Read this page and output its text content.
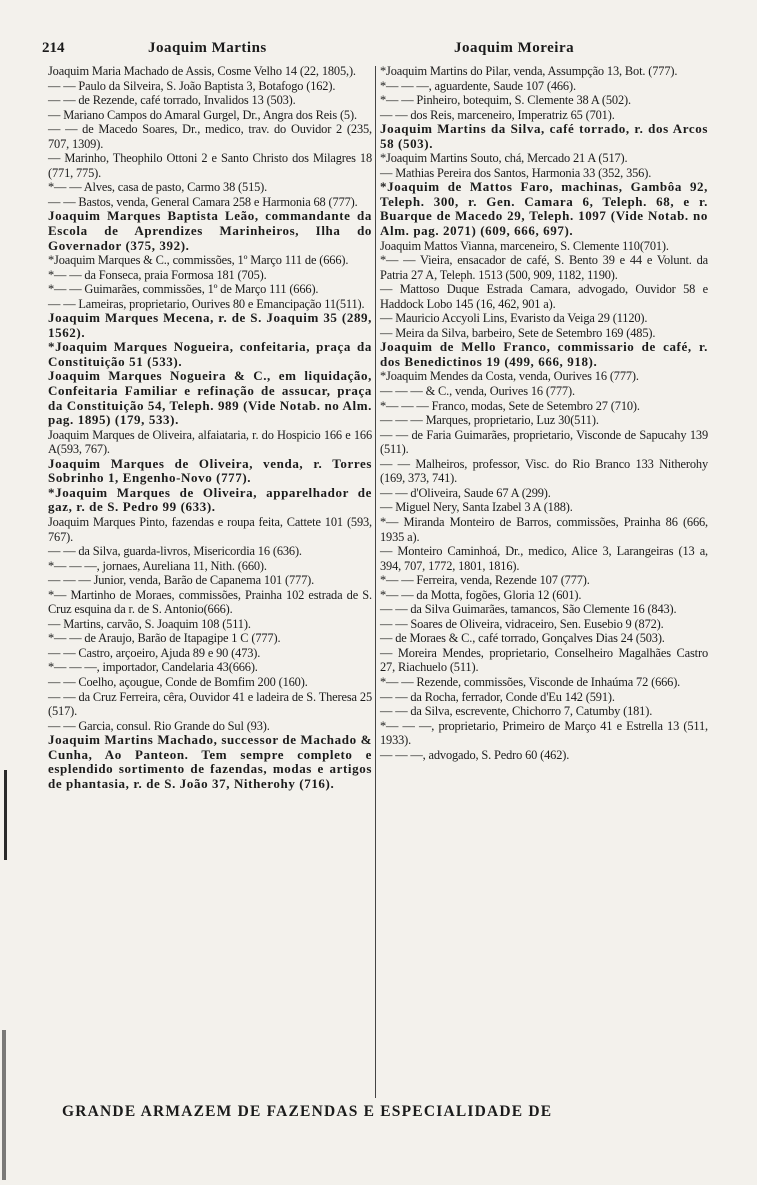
214	Joaquim Martins	Joaquim Moreira

Joaquim Maria Machado de Assis, Cosme Velho 14 (22, 1805,).

— — Paulo da Silveira, S. João Baptista 3, Botafogo (162).

— — de Rezende, café torrado, Invalidos 13 (503).

— Mariano Campos do Amaral Gurgel, Dr., Angra dos Reis (5).

— — de Macedo Soares, Dr., medico, trav. do Ouvidor 2 (235, 707, 1309).

— Marinho, Theophilo Ottoni 2 e Santo Christo dos Milagres 18 (771, 775).

*— — Alves, casa de pasto, Carmo 38 (515).

— — Bastos, venda, General Camara 258 e Harmonia 68 (777).

Joaquim Marques Baptista Leão, commandante da Escola de Aprendizes Marinheiros, Ilha do Governador (375, 392).

*Joaquim Marques & C., commissões, 1º Março 111 de (666).

*— — da Fonseca, praia Formosa 181 (705).

*— — Guimarães, commissões, 1º de Março 111 (666).

— — Lameiras, proprietario, Ourives 80 e Emancipação 11(511).

Joaquim Marques Mecena, r. de S. Joaquim 35 (289, 1562).

*Joaquim Marques Nogueira, confeitaria, praça da Constituição 51 (533).

Joaquim Marques Nogueira & C., em liquidação, Confeitaria Familiar e refinação de assucar, praça da Constituição 54, Teleph. 989 (Vide Notab. no Alm. pag. 1895) (179, 533).

Joaquim Marques de Oliveira, alfaiataria, r. do Hospicio 166 e 166 A(593, 767).

Joaquim Marques de Oliveira, venda, r. Torres Sobrinho 1, Engenho-Novo (777).

*Joaquim Marques de Oliveira, apparelhador de gaz, r. de S. Pedro 99 (633).

Joaquim Marques Pinto, fazendas e roupa feita, Cattete 101 (593, 767).

— — da Silva, guarda-livros, Misericordia 16 (636).

*— — —, jornaes, Aureliana 11, Nith. (660).

— — — Junior, venda, Barão de Capanema 101 (777).

*— Martinho de Moraes, commissões, Prainha 102 estrada de S. Cruz esquina da r. de S. Antonio(666).

— Martins, carvão, S. Joaquim 108 (511).

*— — de Araujo, Barão de Itapagipe 1 C (777).

— — Castro, arçoeiro, Ajuda 89 e 90 (473).

*— — —, importador, Candelaria 43(666).

— — Coelho, açougue, Conde de Bomfim 200 (160).

— — da Cruz Ferreira, cêra, Ouvidor 41 e ladeira de S. Theresa 25 (517).

— — Garcia, consul. Rio Grande do Sul (93).

Joaquim Martins Machado, successor de Machado & Cunha, Ao Panteon. Tem sempre completo e esplendido sortimento de fazendas, modas e artigos de phantasia, r. de S. João 37, Nitherohy (716).

*Joaquim Martins do Pilar, venda, Assumpção 13, Bot. (777).

*— — —, aguardente, Saude 107 (466).

*— — Pinheiro, botequim, S. Clemente 38 A (502).

— — dos Reis, marceneiro, Imperatriz 65 (701).

Joaquim Martins da Silva, café torrado, r. dos Arcos 58 (503).

*Joaquim Martins Souto, chá, Mercado 21 A (517).

— Mathias Pereira dos Santos, Harmonia 33 (352, 356).

*Joaquim de Mattos Faro, machinas, Gambôa 92, Teleph. 300, r. Gen. Camara 6, Teleph. 68, e r. Buarque de Macedo 29, Teleph. 1097 (Vide Notab. no Alm. pag. 2071) (609, 666, 697).

Joaquim Mattos Vianna, marceneiro, S. Clemente 110(701).

*— — Vieira, ensacador de café, S. Bento 39 e 44 e Volunt. da Patria 27 A, Teleph. 1513 (500, 909, 1182, 1190).

— Mattoso Duque Estrada Camara, advogado, Ouvidor 58 e Haddock Lobo 145 (16, 462, 901 a).

— Mauricio Accyoli Lins, Evaristo da Veiga 29 (1120).

— Meira da Silva, barbeiro, Sete de Setembro 169 (485).

Joaquim de Mello Franco, commissario de café, r. dos Benedictinos 19 (499, 666, 918).

*Joaquim Mendes da Costa, venda, Ourives 16 (777).

— — — & C., venda, Ourives 16 (777).

*— — — Franco, modas, Sete de Setembro 27 (710).

— — — Marques, proprietario, Luz 30(511).

— — de Faria Guimarães, proprietario, Visconde de Sapucahy 139 (511).

— — Malheiros, professor, Visc. do Rio Branco 133 Nitherohy (169, 373, 741).

— — d'Oliveira, Saude 67 A (299).

— Miguel Nery, Santa Izabel 3 A (188).

*— Miranda Monteiro de Barros, commissões, Prainha 86 (666, 1935 a).

— Monteiro Caminhoá, Dr., medico, Alice 3, Larangeiras (13 a, 394, 707, 1772, 1801, 1816).

*— — Ferreira, venda, Rezende 107 (777).

*— — da Motta, fogões, Gloria 12 (601).

— — da Silva Guimarães, tamancos, São Clemente 16 (843).

— — Soares de Oliveira, vidraceiro, Sen. Eusebio 9 (872).

— de Moraes & C., café torrado, Gonçalves Dias 24 (503).

— Moreira Mendes, proprietario, Conselheiro Magalhães Castro 27, Riachuelo (511).

*— — Rezende, commissões, Visconde de Inhaúma 72 (666).

— — da Rocha, ferrador, Conde d'Eu 142 (591).

— — da Silva, escrevente, Chichorro 7, Catumby (181).

*— — —, proprietario, Primeiro de Março 41 e Estrella 13 (511, 1933).

— — —, advogado, S. Pedro 60 (462).

GRANDE ARMAZEM DE FAZENDAS E ESPECIALIDADE DE
